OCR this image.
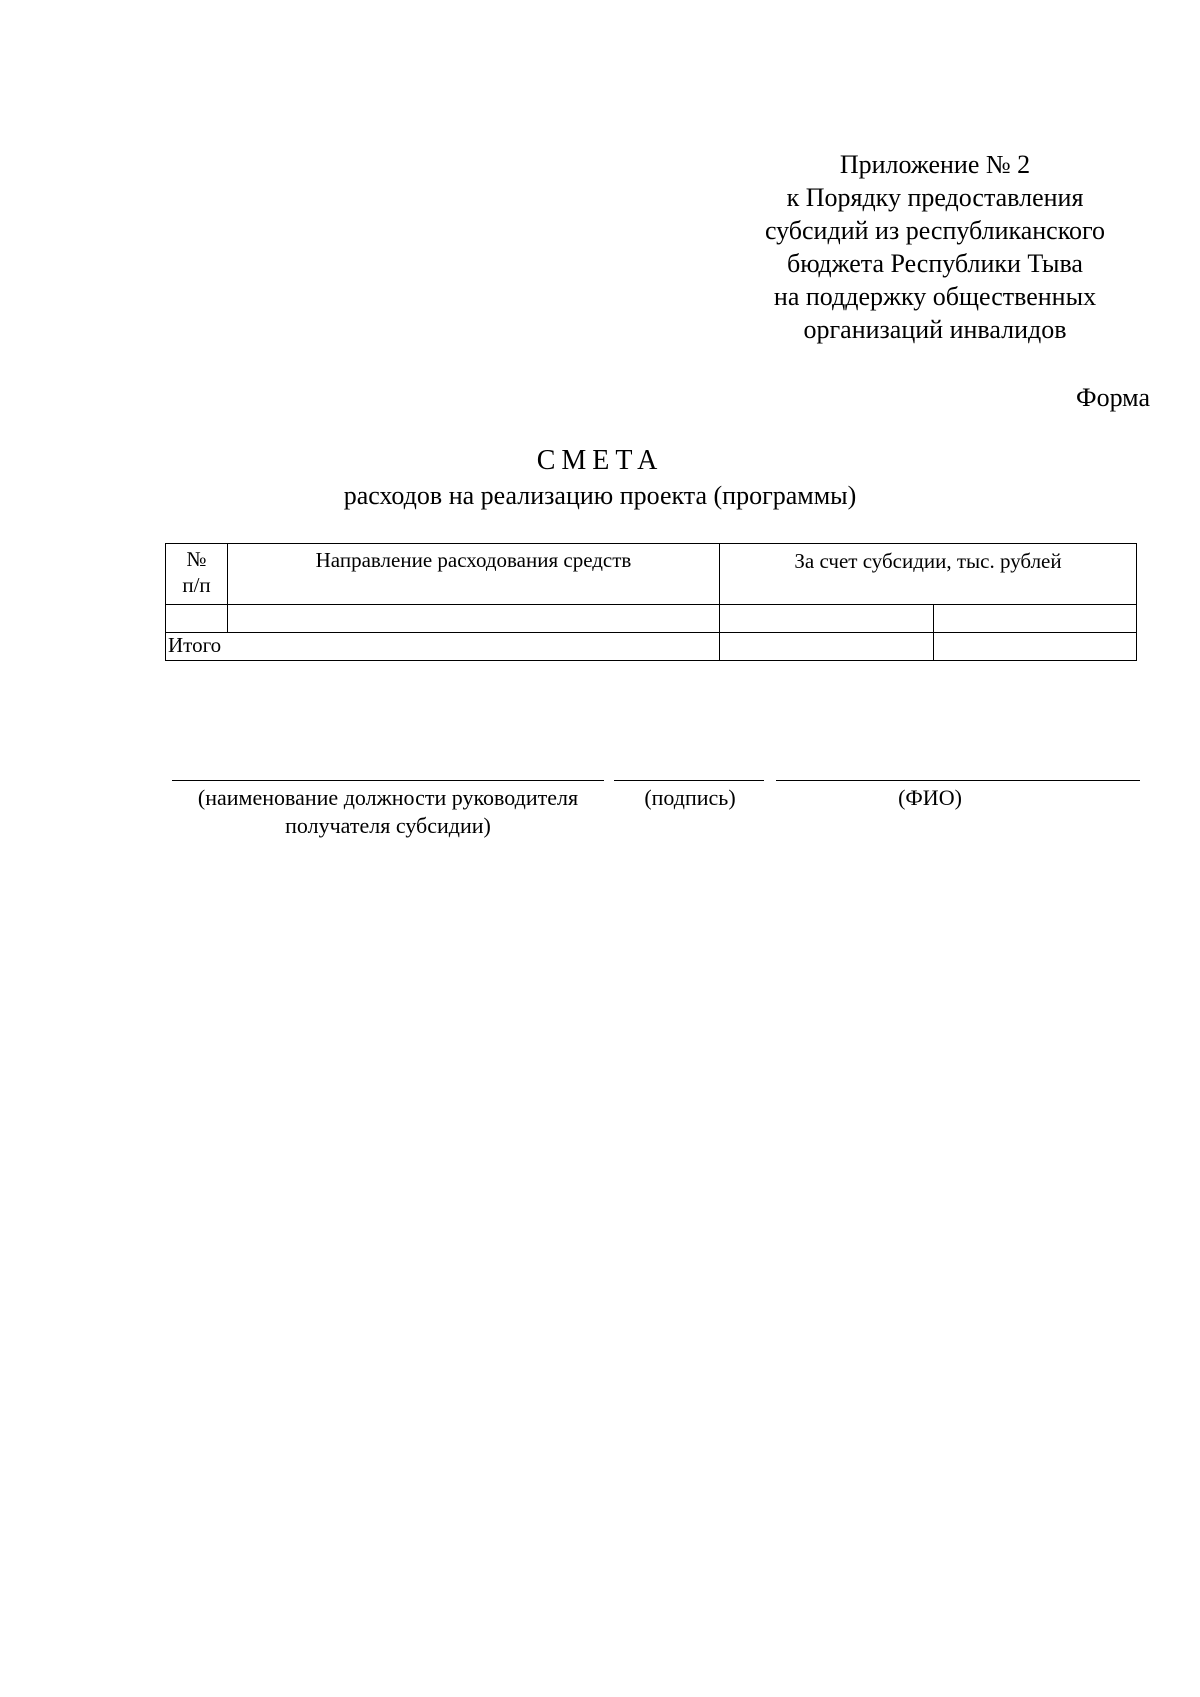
Приложение № 2
к Порядку предоставления
субсидий из республиканского
бюджета Республики Тыва
на поддержку общественных
организаций инвалидов
Форма
СМЕТА
расходов на реализацию проекта (программы)
№
п/п	Направление расходования средств	За счет субсидии, тыс. рублей	

Итого			
(наименование должности руководителя
получателя субсидии)
(подпись)	(ФИО)
